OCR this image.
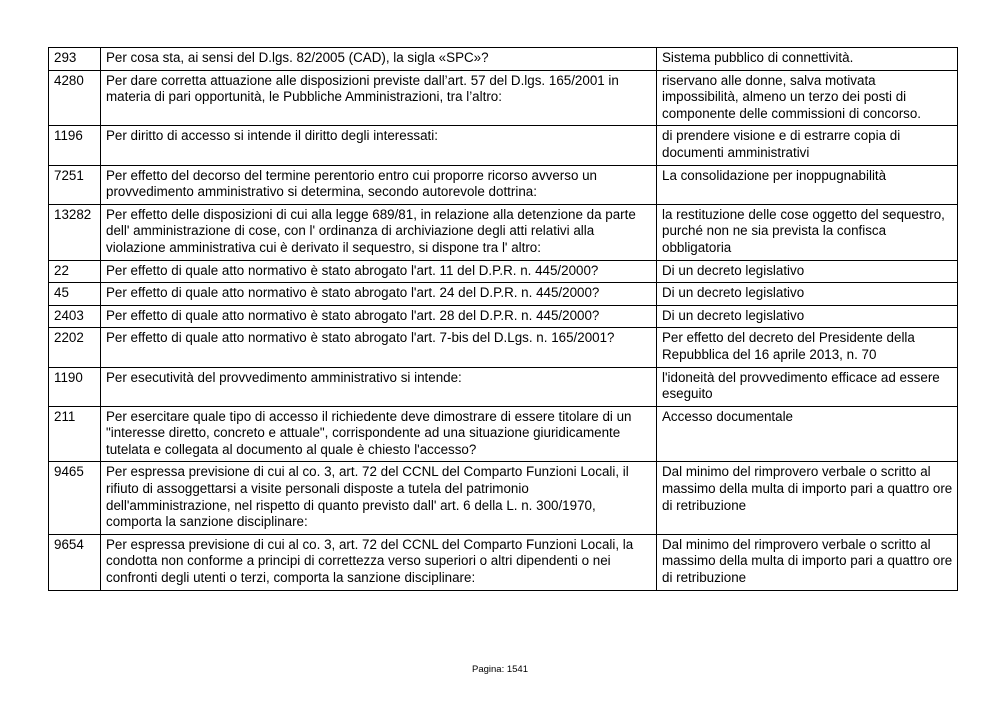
293	Per cosa sta, ai sensi del D.lgs. 82/2005 (CAD), la sigla «SPC»?	Sistema pubblico di connettività.
4280	Per dare corretta attuazione alle disposizioni previste dall’art. 57 del D.lgs. 165/2001 in materia di pari opportunità, le Pubbliche Amministrazioni, tra l’altro:	riservano alle donne, salva motivata impossibilità, almeno un terzo dei posti di componente delle commissioni di concorso.
1196	Per diritto di accesso si intende il diritto degli interessati:	di prendere visione e di estrarre copia di documenti amministrativi
7251	Per effetto del decorso del termine perentorio entro cui proporre ricorso avverso un provvedimento amministrativo si determina, secondo autorevole dottrina:	La consolidazione per inoppugnabilità
13282	Per effetto delle disposizioni di cui alla legge 689/81, in relazione alla detenzione da parte dell' amministrazione di cose, con l' ordinanza di archiviazione degli atti relativi alla violazione amministrativa cui è derivato il sequestro, si dispone tra l' altro:	la restituzione delle cose oggetto del sequestro, purché non ne sia prevista la confisca obbligatoria
22	Per effetto di quale atto normativo è stato abrogato l'art. 11 del D.P.R. n. 445/2000?	Di un decreto legislativo
45	Per effetto di quale atto normativo è stato abrogato l'art. 24 del D.P.R. n. 445/2000?	Di un decreto legislativo
2403	Per effetto di quale atto normativo è stato abrogato l'art. 28 del D.P.R. n. 445/2000?	Di un decreto legislativo
2202	Per effetto di quale atto normativo è stato abrogato l'art. 7-bis del D.Lgs. n. 165/2001?	Per effetto del decreto del Presidente della Repubblica del 16 aprile 2013, n. 70
1190	Per esecutività del provvedimento amministrativo si intende:	l'idoneità del provvedimento efficace ad essere eseguito
211	Per esercitare quale tipo di accesso il richiedente deve dimostrare di essere titolare di un "interesse diretto, concreto e attuale", corrispondente ad una situazione giuridicamente tutelata e collegata al documento al quale è chiesto l'accesso?	Accesso documentale
9465	Per espressa previsione di cui al co. 3, art. 72 del CCNL del Comparto Funzioni Locali, il rifiuto di assoggettarsi a visite personali disposte a tutela del patrimonio dell'amministrazione, nel rispetto di quanto previsto dall' art. 6 della L. n. 300/1970, comporta la sanzione disciplinare:	Dal minimo del rimprovero verbale o scritto al massimo della multa di importo pari a quattro ore di retribuzione
9654	Per espressa previsione di cui al co. 3, art. 72 del CCNL del Comparto Funzioni Locali, la condotta non conforme a principi di correttezza verso superiori o altri dipendenti o nei confronti degli utenti o terzi, comporta la sanzione disciplinare:	Dal minimo del rimprovero verbale o scritto al massimo della multa di importo pari a quattro ore di retribuzione
Pagina: 1541
